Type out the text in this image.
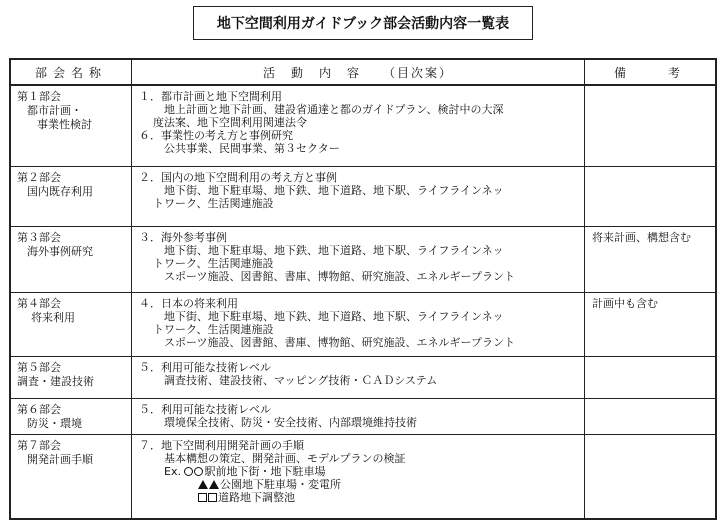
地下空間利用ガイドブック部会活動内容一覧表
部会名称	活　動　内　容　　（目次案）	備　　考
第１部会
都市計画・
事業性検討
１．都市計画と地下空間利用
地上計画と地下計画、建設省通達と都のガイドプラン、検討中の大深
度法案、地下空間利用関連法令
６．事業性の考え方と事例研究
公共事業、民間事業、第３セクター
第２部会
国内既存利用
２．国内の地下空間利用の考え方と事例
地下街、地下駐車場、地下鉄、地下道路、地下駅、ライフラインネッ
トワーク、生活関連施設
第３部会
海外事例研究
３．海外参考事例
地下街、地下駐車場、地下鉄、地下道路、地下駅、ライフラインネッ
トワーク、生活関連施設
スポーツ施設、図書館、書庫、博物館、研究施設、エネルギープラント
将来計画、構想含む
第４部会
将来利用
４．日本の将来利用
地下街、地下駐車場、地下鉄、地下道路、地下駅、ライフラインネッ
トワーク、生活関連施設
スポーツ施設、図書館、書庫、博物館、研究施設、エネルギープラント
計画中も含む
第５部会
調査・建設技術
５．利用可能な技術レベル
調査技術、建設技術、マッピング技術・ＣＡＤシステム
第６部会
防災・環境
５．利用可能な技術レベル
環境保全技術、防災・安全技術、内部環境維持技術
第７部会
開発計画手順
７．地下空間利用開発計画の手順
基本構想の策定、開発計画、モデルプランの検証
Ex. 駅前地下街・地下駐車場
公園地下駐車場・変電所
道路地下調整池
